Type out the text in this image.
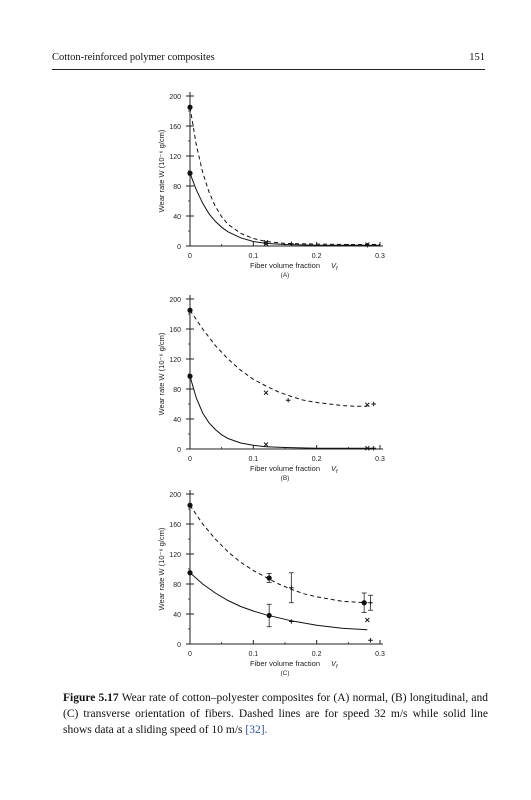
Cotton-reinforced polymer composites	151
0
40
80
120
160
200
0	0.1	0.2	0.3
Fiber volume fraction V f
(A)
Wear rate W (10⁻⁶ g/cm)
0
40
80
120
160
200
0	0.1	0.2	0.3
Fiber volume fraction V f
(B)
Wear rate W (10⁻⁶ g/cm)
0
40
80
120
160
200
0	0.1	0.2	0.3
Fiber volume fraction V f
(C)
Wear rate W (10⁻⁶ g/cm)
Figure 5.17 Wear rate of cotton–polyester composites for (A) normal, (B) longitudinal, and (C) transverse orientation of fibers. Dashed lines are for speed 32 m/s while solid line shows data at a sliding speed of 10 m/s [32].
